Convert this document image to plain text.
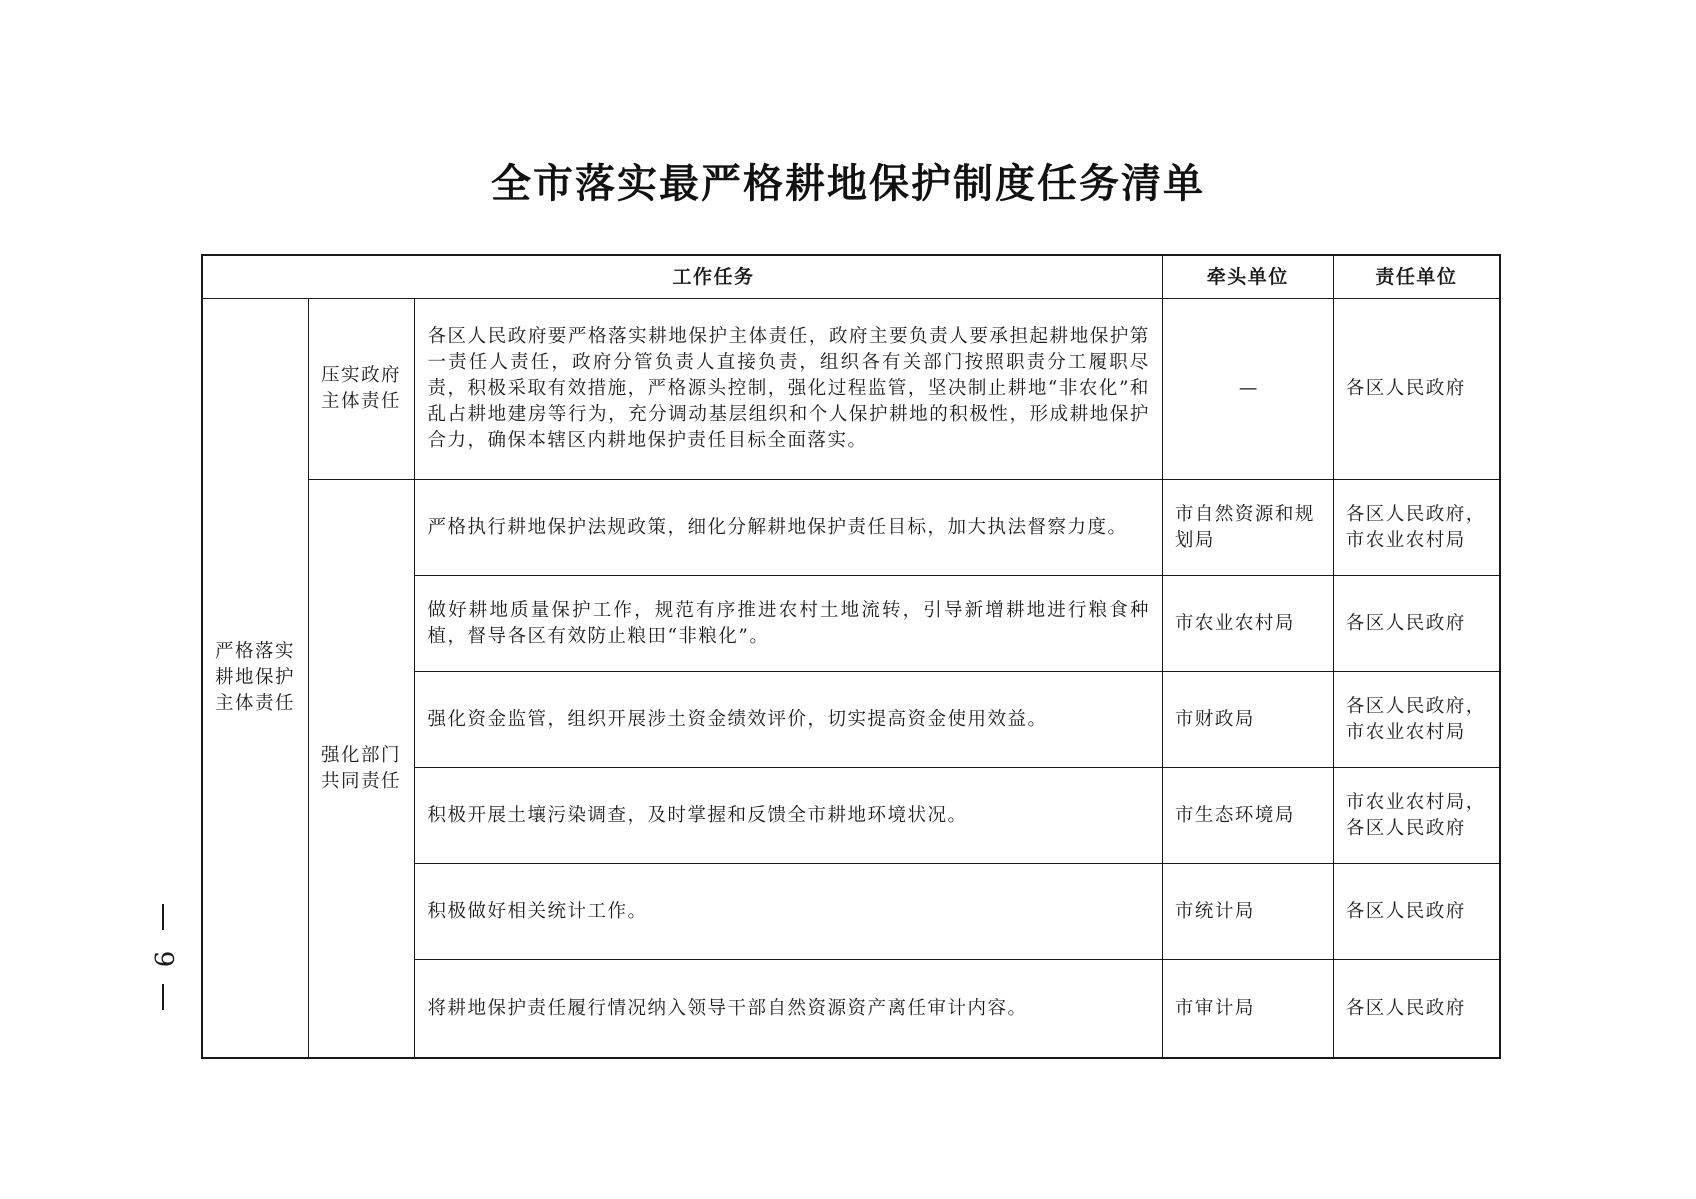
全市落实最严格耕地保护制度任务清单
9
工作任务			牵头单位	责任单位
严格落实耕地保护主体责任	压实政府主体责任	各区人民政府要严格落实耕地保护主体责任，政府主要负责人要承担起耕地保护第一责任人责任，政府分管负责人直接负责，组织各有关部门按照职责分工履职尽责，积极采取有效措施，严格源头控制，强化过程监管，坚决制止耕地“非农化”和乱占耕地建房等行为，充分调动基层组织和个人保护耕地的积极性，形成耕地保护合力，确保本辖区内耕地保护责任目标全面落实。	—	各区人民政府
	强化部门共同责任	严格执行耕地保护法规政策，细化分解耕地保护责任目标，加大执法督察力度。	市自然资源和规划局	各区人民政府，市农业农村局
		做好耕地质量保护工作，规范有序推进农村土地流转，引导新增耕地进行粮食种植，督导各区有效防止粮田“非粮化”。	市农业农村局	各区人民政府
		强化资金监管，组织开展涉土资金绩效评价，切实提高资金使用效益。	市财政局	各区人民政府，市农业农村局
		积极开展土壤污染调查，及时掌握和反馈全市耕地环境状况。	市生态环境局	市农业农村局，各区人民政府
		积极做好相关统计工作。	市统计局	各区人民政府
		将耕地保护责任履行情况纳入领导干部自然资源资产离任审计内容。	市审计局	各区人民政府
